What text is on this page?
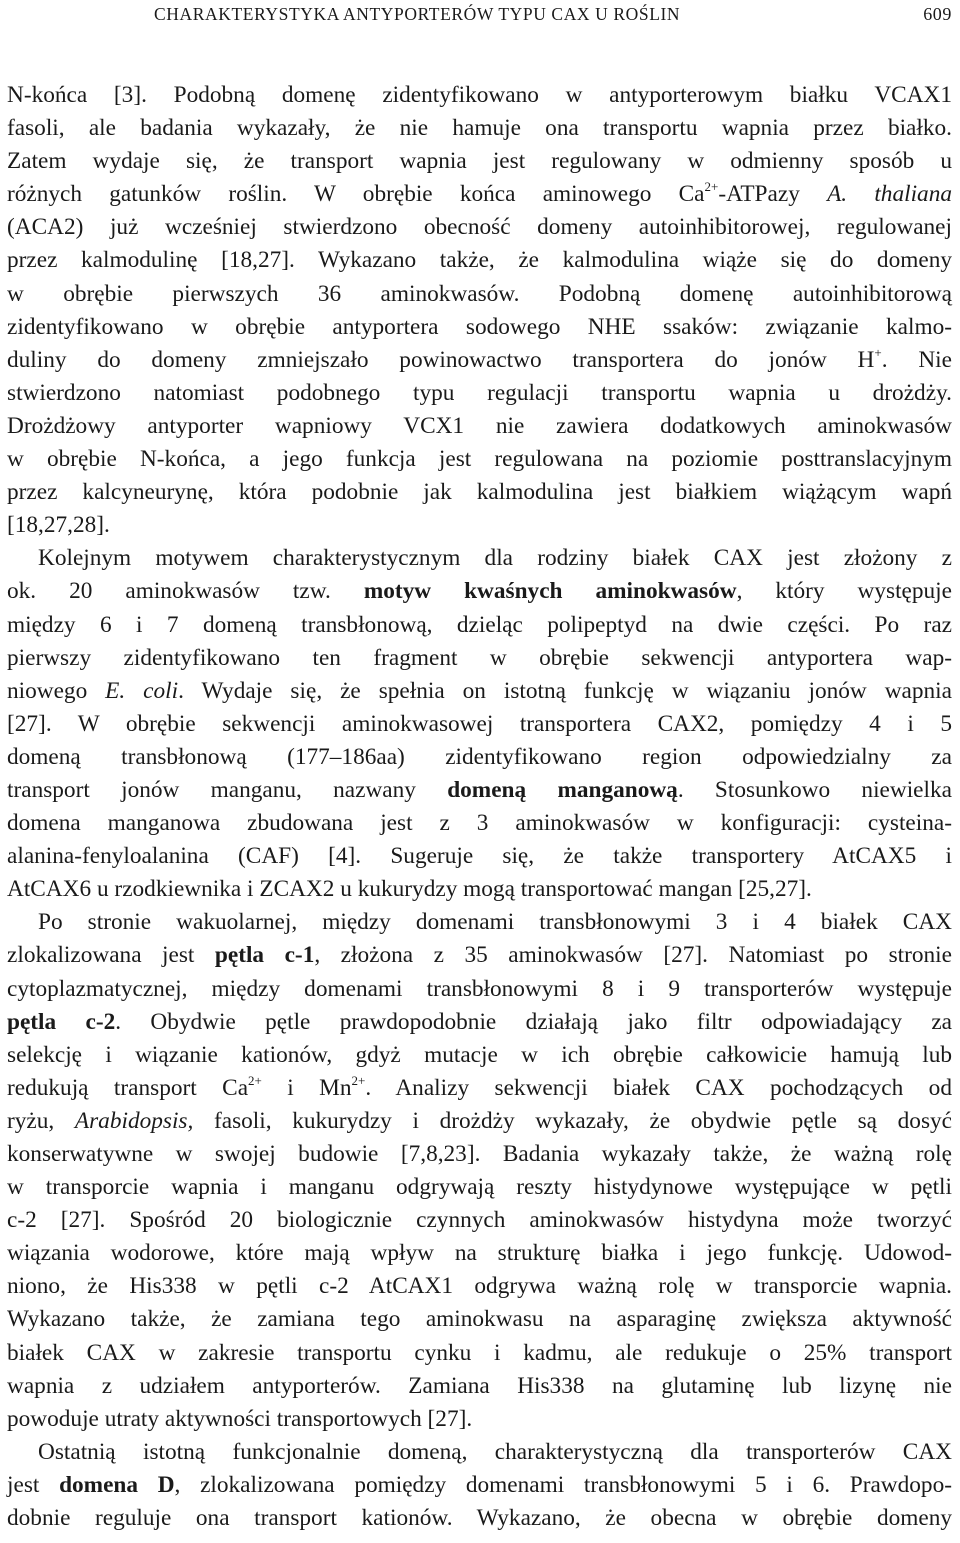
CHARAKTERYSTYKA ANTYPORTERÓW TYPU CAX U ROŚLIN	609

N-końca [3]. Podobną domenę zidentyfikowano w antyporterowym białku VCAX1

fasoli, ale badania wykazały, że nie hamuje ona transportu wapnia przez białko.

Zatem wydaje się, że transport wapnia jest regulowany w odmienny sposób u

różnych gatunków roślin. W obrębie końca aminowego $Ca^{2+}$-ATPazy A. thaliana

(ACA2) już wcześniej stwierdzono obecność domeny autoinhibitorowej, regulowanej

przez kalmodulinę [18,27]. Wykazano także, że kalmodulina wiąże się do domeny

w obrębie pierwszych 36 aminokwasów. Podobną domenę autoinhibitorową

zidentyfikowano w obrębie antyportera sodowego NHE ssaków: związanie kalmo-

duliny do domeny zmniejszało powinowactwo transportera do jonów H+. Nie

stwierdzono natomiast podobnego typu regulacji transportu wapnia u drożdży.

Drożdżowy antyporter wapniowy VCX1 nie zawiera dodatkowych aminokwasów

w obrębie N-końca, a jego funkcja jest regulowana na poziomie posttranslacyjnym

przez kalcyneurynę, która podobnie jak kalmodulina jest białkiem wiążącym wapń

[18,27,28].

Kolejnym motywem charakterystycznym dla rodziny białek CAX jest złożony z

ok. 20 aminokwasów tzw. motyw kwaśnych aminokwasów, który występuje

między 6 i 7 domeną transbłonową, dzieląc polipeptyd na dwie części. Po raz

pierwszy zidentyfikowano ten fragment w obrębie sekwencji antyportera wap-

niowego E. coli. Wydaje się, że spełnia on istotną funkcję w wiązaniu jonów wapnia

[27]. W obrębie sekwencji aminokwasowej transportera CAX2, pomiędzy 4 i 5

domeną transbłonową (177–186aa) zidentyfikowano region odpowiedzialny za

transport jonów manganu, nazwany domeną manganową. Stosunkowo niewielka

domena manganowa zbudowana jest z 3 aminokwasów w konfiguracji: cysteina-

alanina-fenyloalanina (CAF) [4]. Sugeruje się, że także transportery AtCAX5 i

AtCAX6 u rzodkiewnika i ZCAX2 u kukurydzy mogą transportować mangan [25,27].

Po stronie wakuolarnej, między domenami transbłonowymi 3 i 4 białek CAX

zlokalizowana jest pętla c-1, złożona z 35 aminokwasów [27]. Natomiast po stronie

cytoplazmatycznej, między domenami transbłonowymi 8 i 9 transporterów występuje

pętla c-2. Obydwie pętle prawdopodobnie działają jako filtr odpowiadający za

selekcję i wiązanie kationów, gdyż mutacje w ich obrębie całkowicie hamują lub

redukują transport $Ca^{2+}$ i $Mn^{2+}$. Analizy sekwencji białek CAX pochodzących od

ryżu, Arabidopsis, fasoli, kukurydzy i drożdży wykazały, że obydwie pętle są dosyć

konserwatywne w swojej budowie [7,8,23]. Badania wykazały także, że ważną rolę

w transporcie wapnia i manganu odgrywają reszty histydynowe występujące w pętli

c-2 [27]. Spośród 20 biologicznie czynnych aminokwasów histydyna może tworzyć

wiązania wodorowe, które mają wpływ na strukturę białka i jego funkcję. Udowod-

niono, że His338 w pętli c-2 AtCAX1 odgrywa ważną rolę w transporcie wapnia.

Wykazano także, że zamiana tego aminokwasu na asparaginę zwiększa aktywność

białek CAX w zakresie transportu cynku i kadmu, ale redukuje o 25% transport

wapnia z udziałem antyporterów. Zamiana His338 na glutaminę lub lizynę nie

powoduje utraty aktywności transportowych [27].

Ostatnią istotną funkcjonalnie domeną, charakterystyczną dla transporterów CAX

jest domena D, zlokalizowana pomiędzy domenami transbłonowymi 5 i 6. Prawdopo-

dobnie reguluje ona transport kationów. Wykazano, że obecna w obrębie domeny
